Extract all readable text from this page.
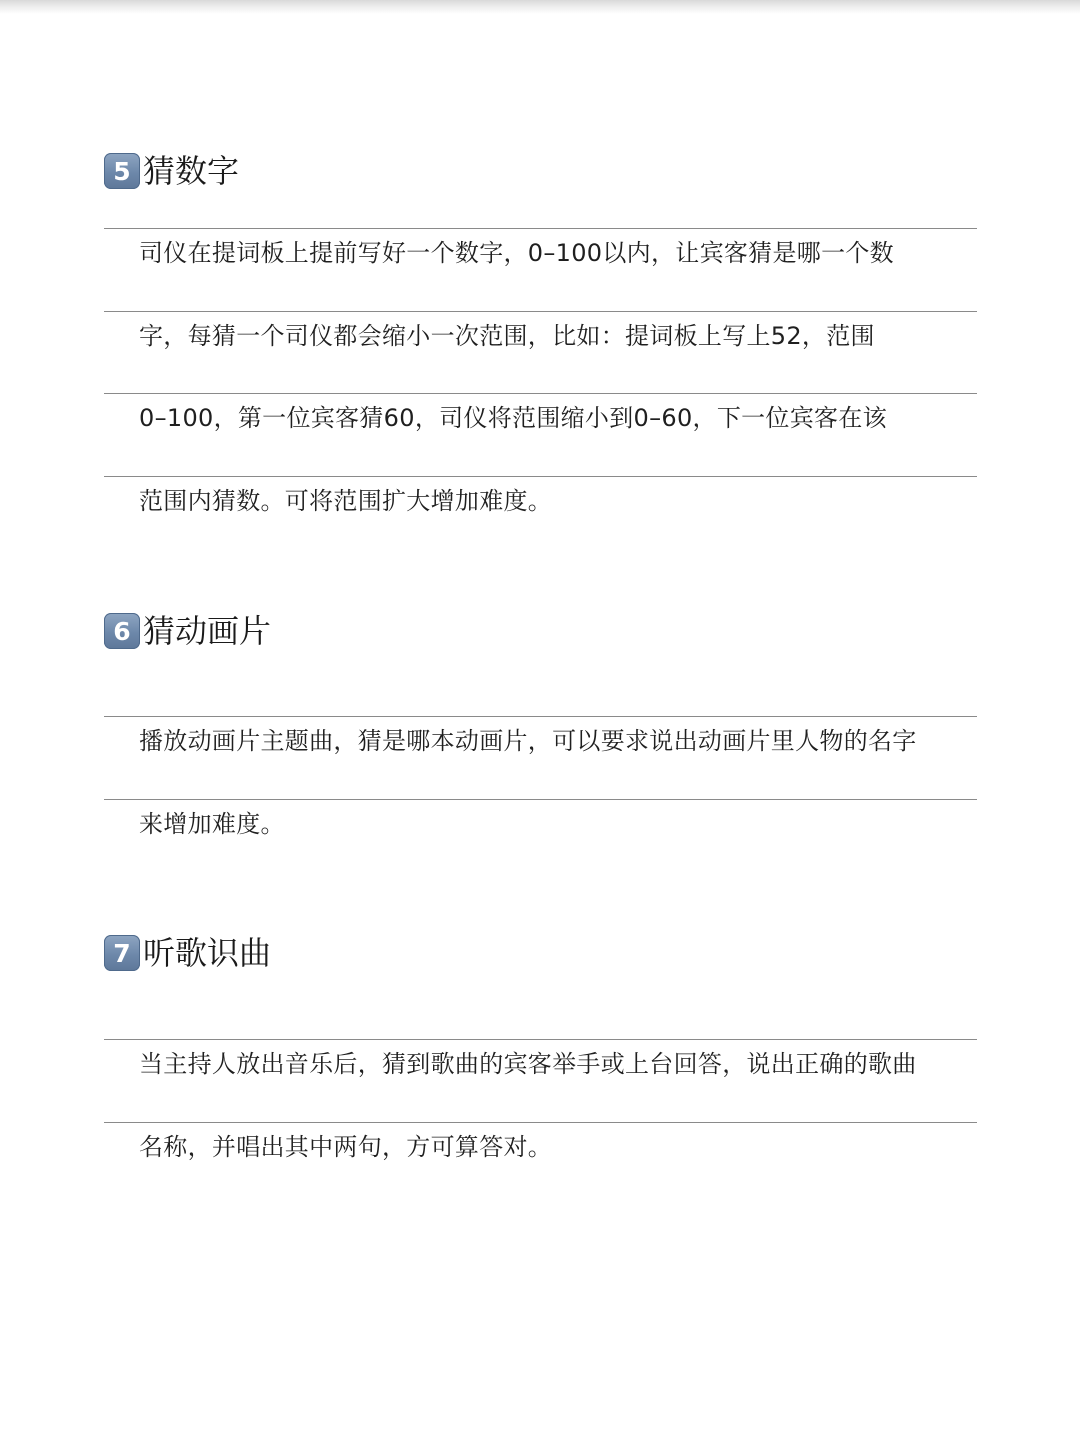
5 猜数字
司仪在提词板上提前写好一个数字，0–100以内，让宾客猜是哪一个数
字，每猜一个司仪都会缩小一次范围，比如：提词板上写上52，范围
0–100，第一位宾客猜60，司仪将范围缩小到0–60，下一位宾客在该
范围内猜数。可将范围扩大增加难度。
6 猜动画片
播放动画片主题曲，猜是哪本动画片，可以要求说出动画片里人物的名字
来增加难度。
7 听歌识曲
当主持人放出音乐后，猜到歌曲的宾客举手或上台回答，说出正确的歌曲
名称，并唱出其中两句，方可算答对。
